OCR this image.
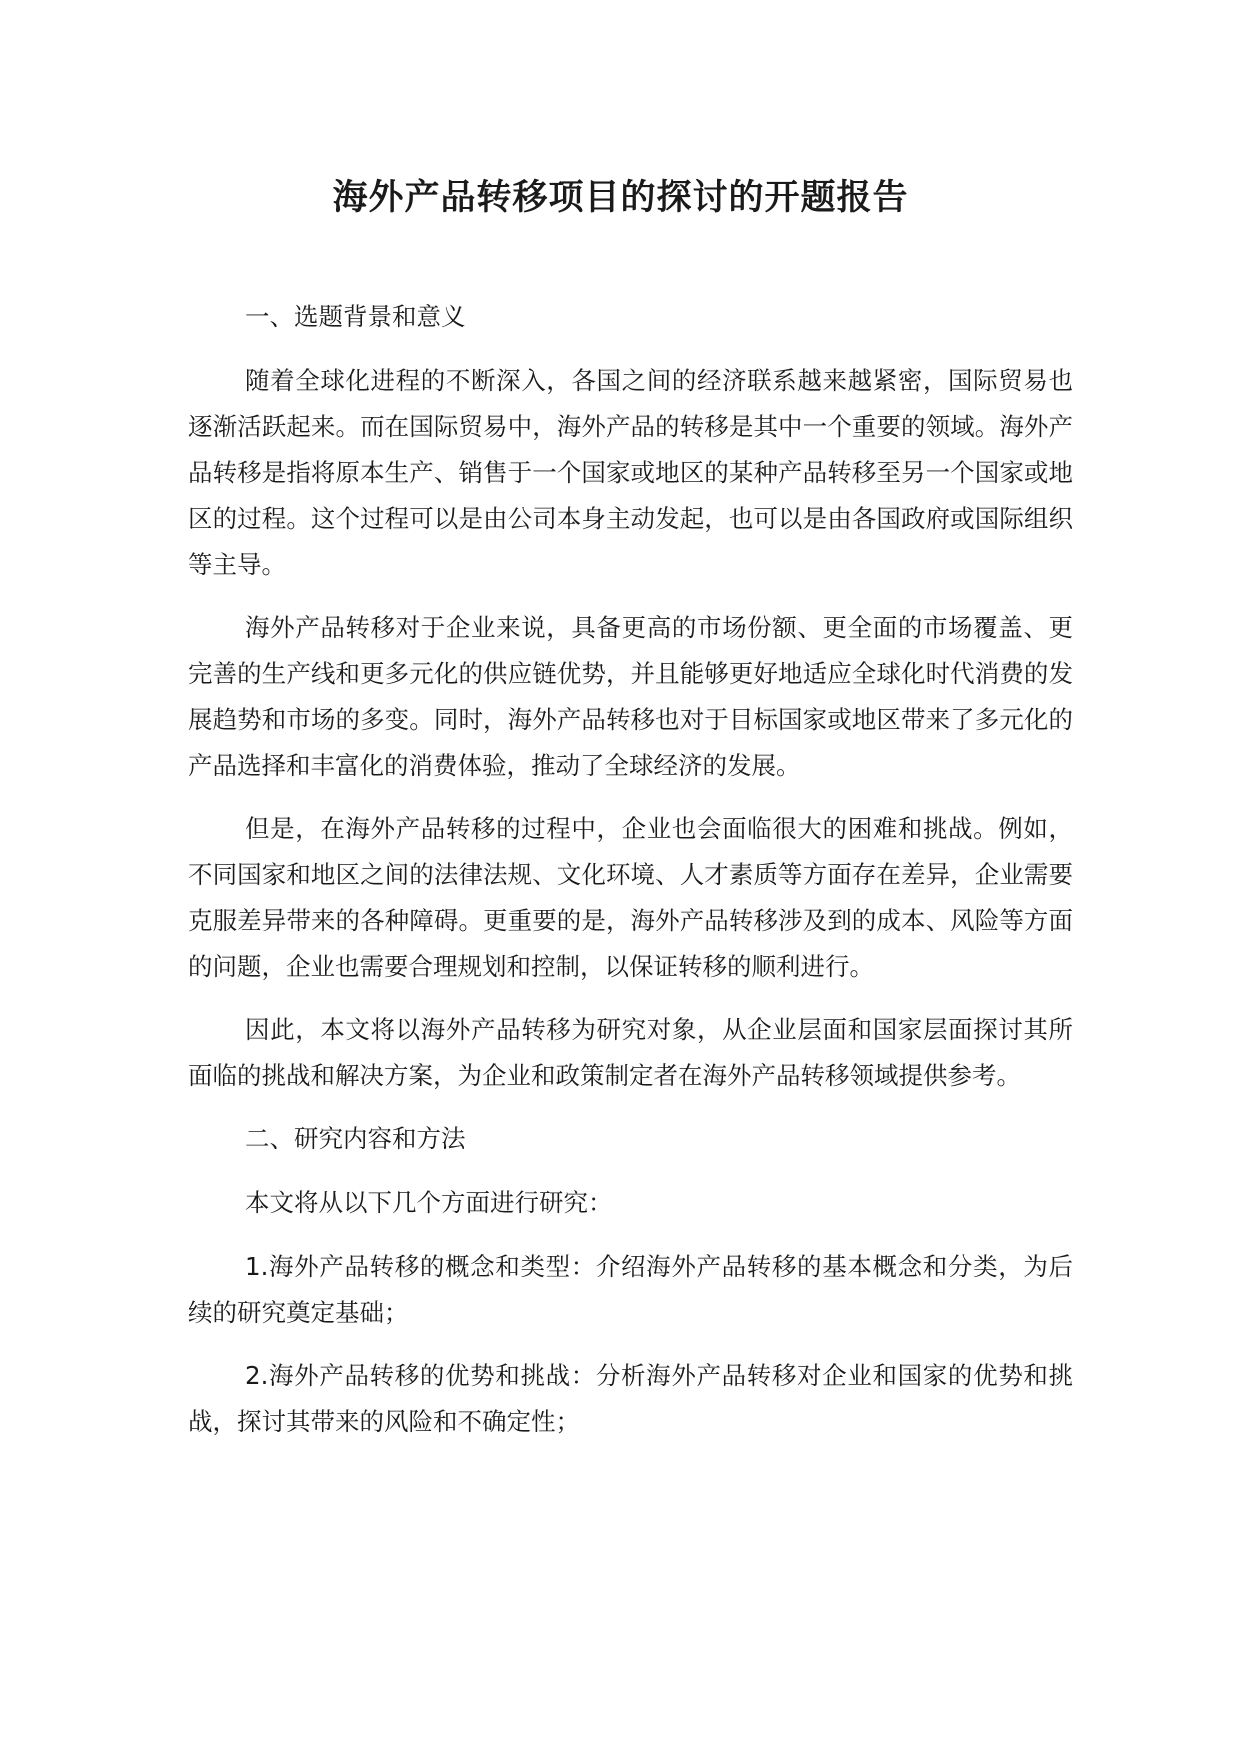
海外产品转移项目的探讨的开题报告

一、选题背景和意义

随着全球化进程的不断深入，各国之间的经济联系越来越紧密，国际贸易也逐渐活跃起来。而在国际贸易中，海外产品的转移是其中一个重要的领域。海外产品转移是指将原本生产、销售于一个国家或地区的某种产品转移至另一个国家或地区的过程。这个过程可以是由公司本身主动发起，也可以是由各国政府或国际组织等主导。

海外产品转移对于企业来说，具备更高的市场份额、更全面的市场覆盖、更完善的生产线和更多元化的供应链优势，并且能够更好地适应全球化时代消费的发展趋势和市场的多变。同时，海外产品转移也对于目标国家或地区带来了多元化的产品选择和丰富化的消费体验，推动了全球经济的发展。

但是，在海外产品转移的过程中，企业也会面临很大的困难和挑战。例如，不同国家和地区之间的法律法规、文化环境、人才素质等方面存在差异，企业需要克服差异带来的各种障碍。更重要的是，海外产品转移涉及到的成本、风险等方面的问题，企业也需要合理规划和控制，以保证转移的顺利进行。

因此，本文将以海外产品转移为研究对象，从企业层面和国家层面探讨其所面临的挑战和解决方案，为企业和政策制定者在海外产品转移领域提供参考。

二、研究内容和方法

本文将从以下几个方面进行研究：

1.海外产品转移的概念和类型：介绍海外产品转移的基本概念和分类，为后续的研究奠定基础；

2.海外产品转移的优势和挑战：分析海外产品转移对企业和国家的优势和挑战，探讨其带来的风险和不确定性；
